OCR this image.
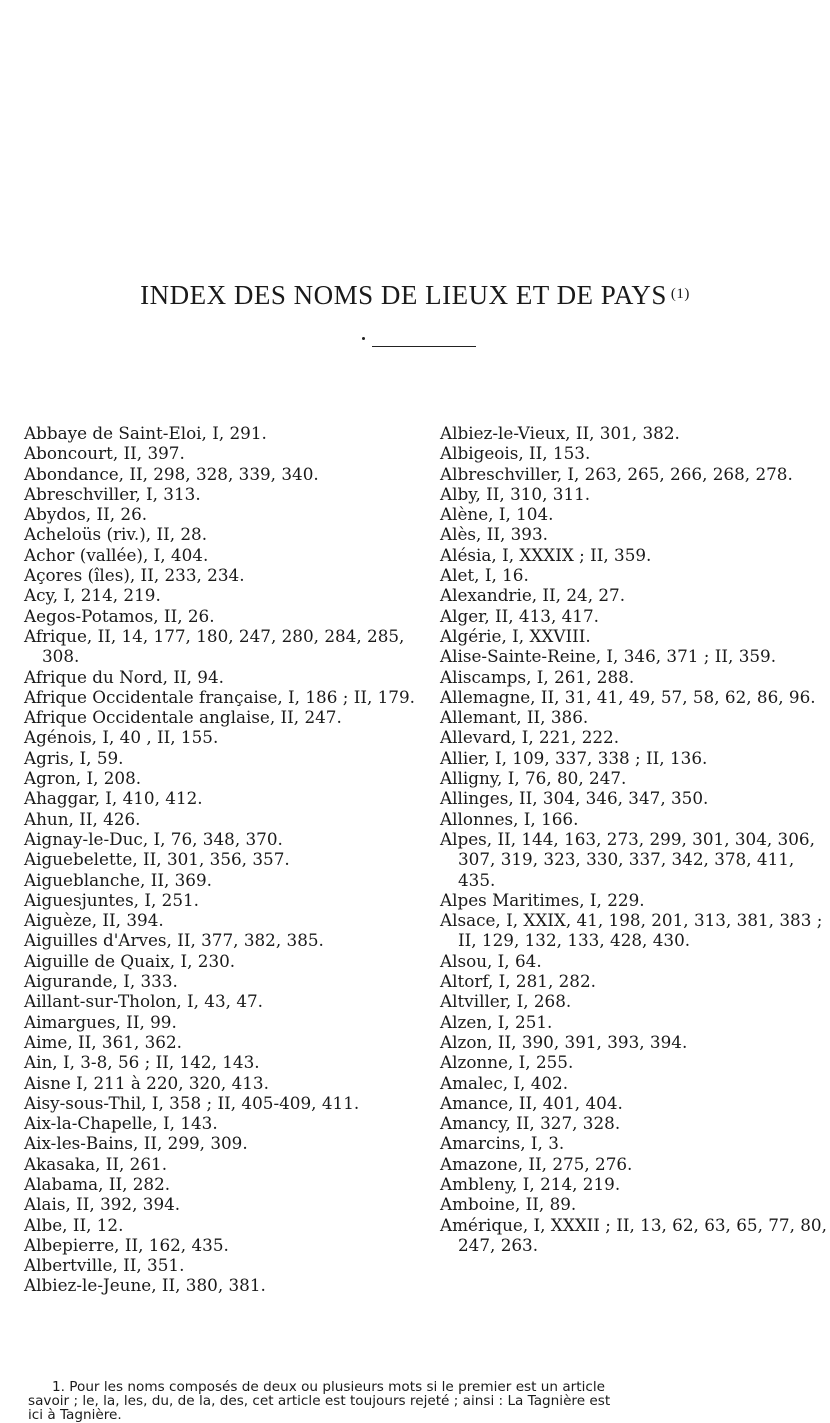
INDEX DES NOMS DE LIEUX ET DE PAYS $^{(1)}$
Abbaye de Saint-Eloi, I, 291.
Aboncourt, II, 397.
Abondance, II, 298, 328, 339, 340.
Abreschviller, I, 313.
Abydos, II, 26.
Acheloüs (riv.), II, 28.
Achor (vallée), I, 404.
Açores (îles), II, 233, 234.
Acy, I, 214, 219.
Aegos-Potamos, II, 26.
Afrique, II, 14, 177, 180, 247, 280, 284, 285, 308.
Afrique du Nord, II, 94.
Afrique Occidentale française, I, 186 ; II, 179.
Afrique Occidentale anglaise, II, 247.
Agénois, I, 40 , II, 155.
Agris, I, 59.
Agron, I, 208.
Ahaggar, I, 410, 412.
Ahun, II, 426.
Aignay-le-Duc, I, 76, 348, 370.
Aiguebelette, II, 301, 356, 357.
Aigueblanche, II, 369.
Aiguesjuntes, I, 251.
Aiguèze, II, 394.
Aiguilles d'Arves, II, 377, 382, 385.
Aiguille de Quaix, I, 230.
Aigurande, I, 333.
Aillant-sur-Tholon, I, 43, 47.
Aimargues, II, 99.
Aime, II, 361, 362.
Ain, I, 3-8, 56 ; II, 142, 143.
Aisne I, 211 à 220, 320, 413.
Aisy-sous-Thil, I, 358 ; II, 405-409, 411.
Aix-la-Chapelle, I, 143.
Aix-les-Bains, II, 299, 309.
Akasaka, II, 261.
Alabama, II, 282.
Alais, II, 392, 394.
Albe, II, 12.
Albepierre, II, 162, 435.
Albertville, II, 351.
Albiez-le-Jeune, II, 380, 381.
Albiez-le-Vieux, II, 301, 382.
Albigeois, II, 153.
Albreschviller, I, 263, 265, 266, 268, 278.
Alby, II, 310, 311.
Alène, I, 104.
Alès, II, 393.
Alésia, I, XXXIX ; II, 359.
Alet, I, 16.
Alexandrie, II, 24, 27.
Alger, II, 413, 417.
Algérie, I, XXVIII.
Alise-Sainte-Reine, I, 346, 371 ; II, 359.
Aliscamps, I, 261, 288.
Allemagne, II, 31, 41, 49, 57, 58, 62, 86, 96.
Allemant, II, 386.
Allevard, I, 221, 222.
Allier, I, 109, 337, 338 ; II, 136.
Alligny, I, 76, 80, 247.
Allinges, II, 304, 346, 347, 350.
Allonnes, I, 166.
Alpes, II, 144, 163, 273, 299, 301, 304, 306, 307, 319, 323, 330, 337, 342, 378, 411, 435.
Alpes Maritimes, I, 229.
Alsace, I, XXIX, 41, 198, 201, 313, 381, 383 ; II, 129, 132, 133, 428, 430.
Alsou, I, 64.
Altorf, I, 281, 282.
Altviller, I, 268.
Alzen, I, 251.
Alzon, II, 390, 391, 393, 394.
Alzonne, I, 255.
Amalec, I, 402.
Amance, II, 401, 404.
Amancy, II, 327, 328.
Amarcins, I, 3.
Amazone, II, 275, 276.
Ambleny, I, 214, 219.
Amboine, II, 89.
Amérique, I, XXXII ; II, 13, 62, 63, 65, 77, 80, 247, 263.
1. Pour les noms composés de deux ou plusieurs mots si le premier est un article
savoir ; le, la, les, du, de la, des, cet article est toujours rejeté ; ainsi : La Tagnière est
ici à Tagnière.
